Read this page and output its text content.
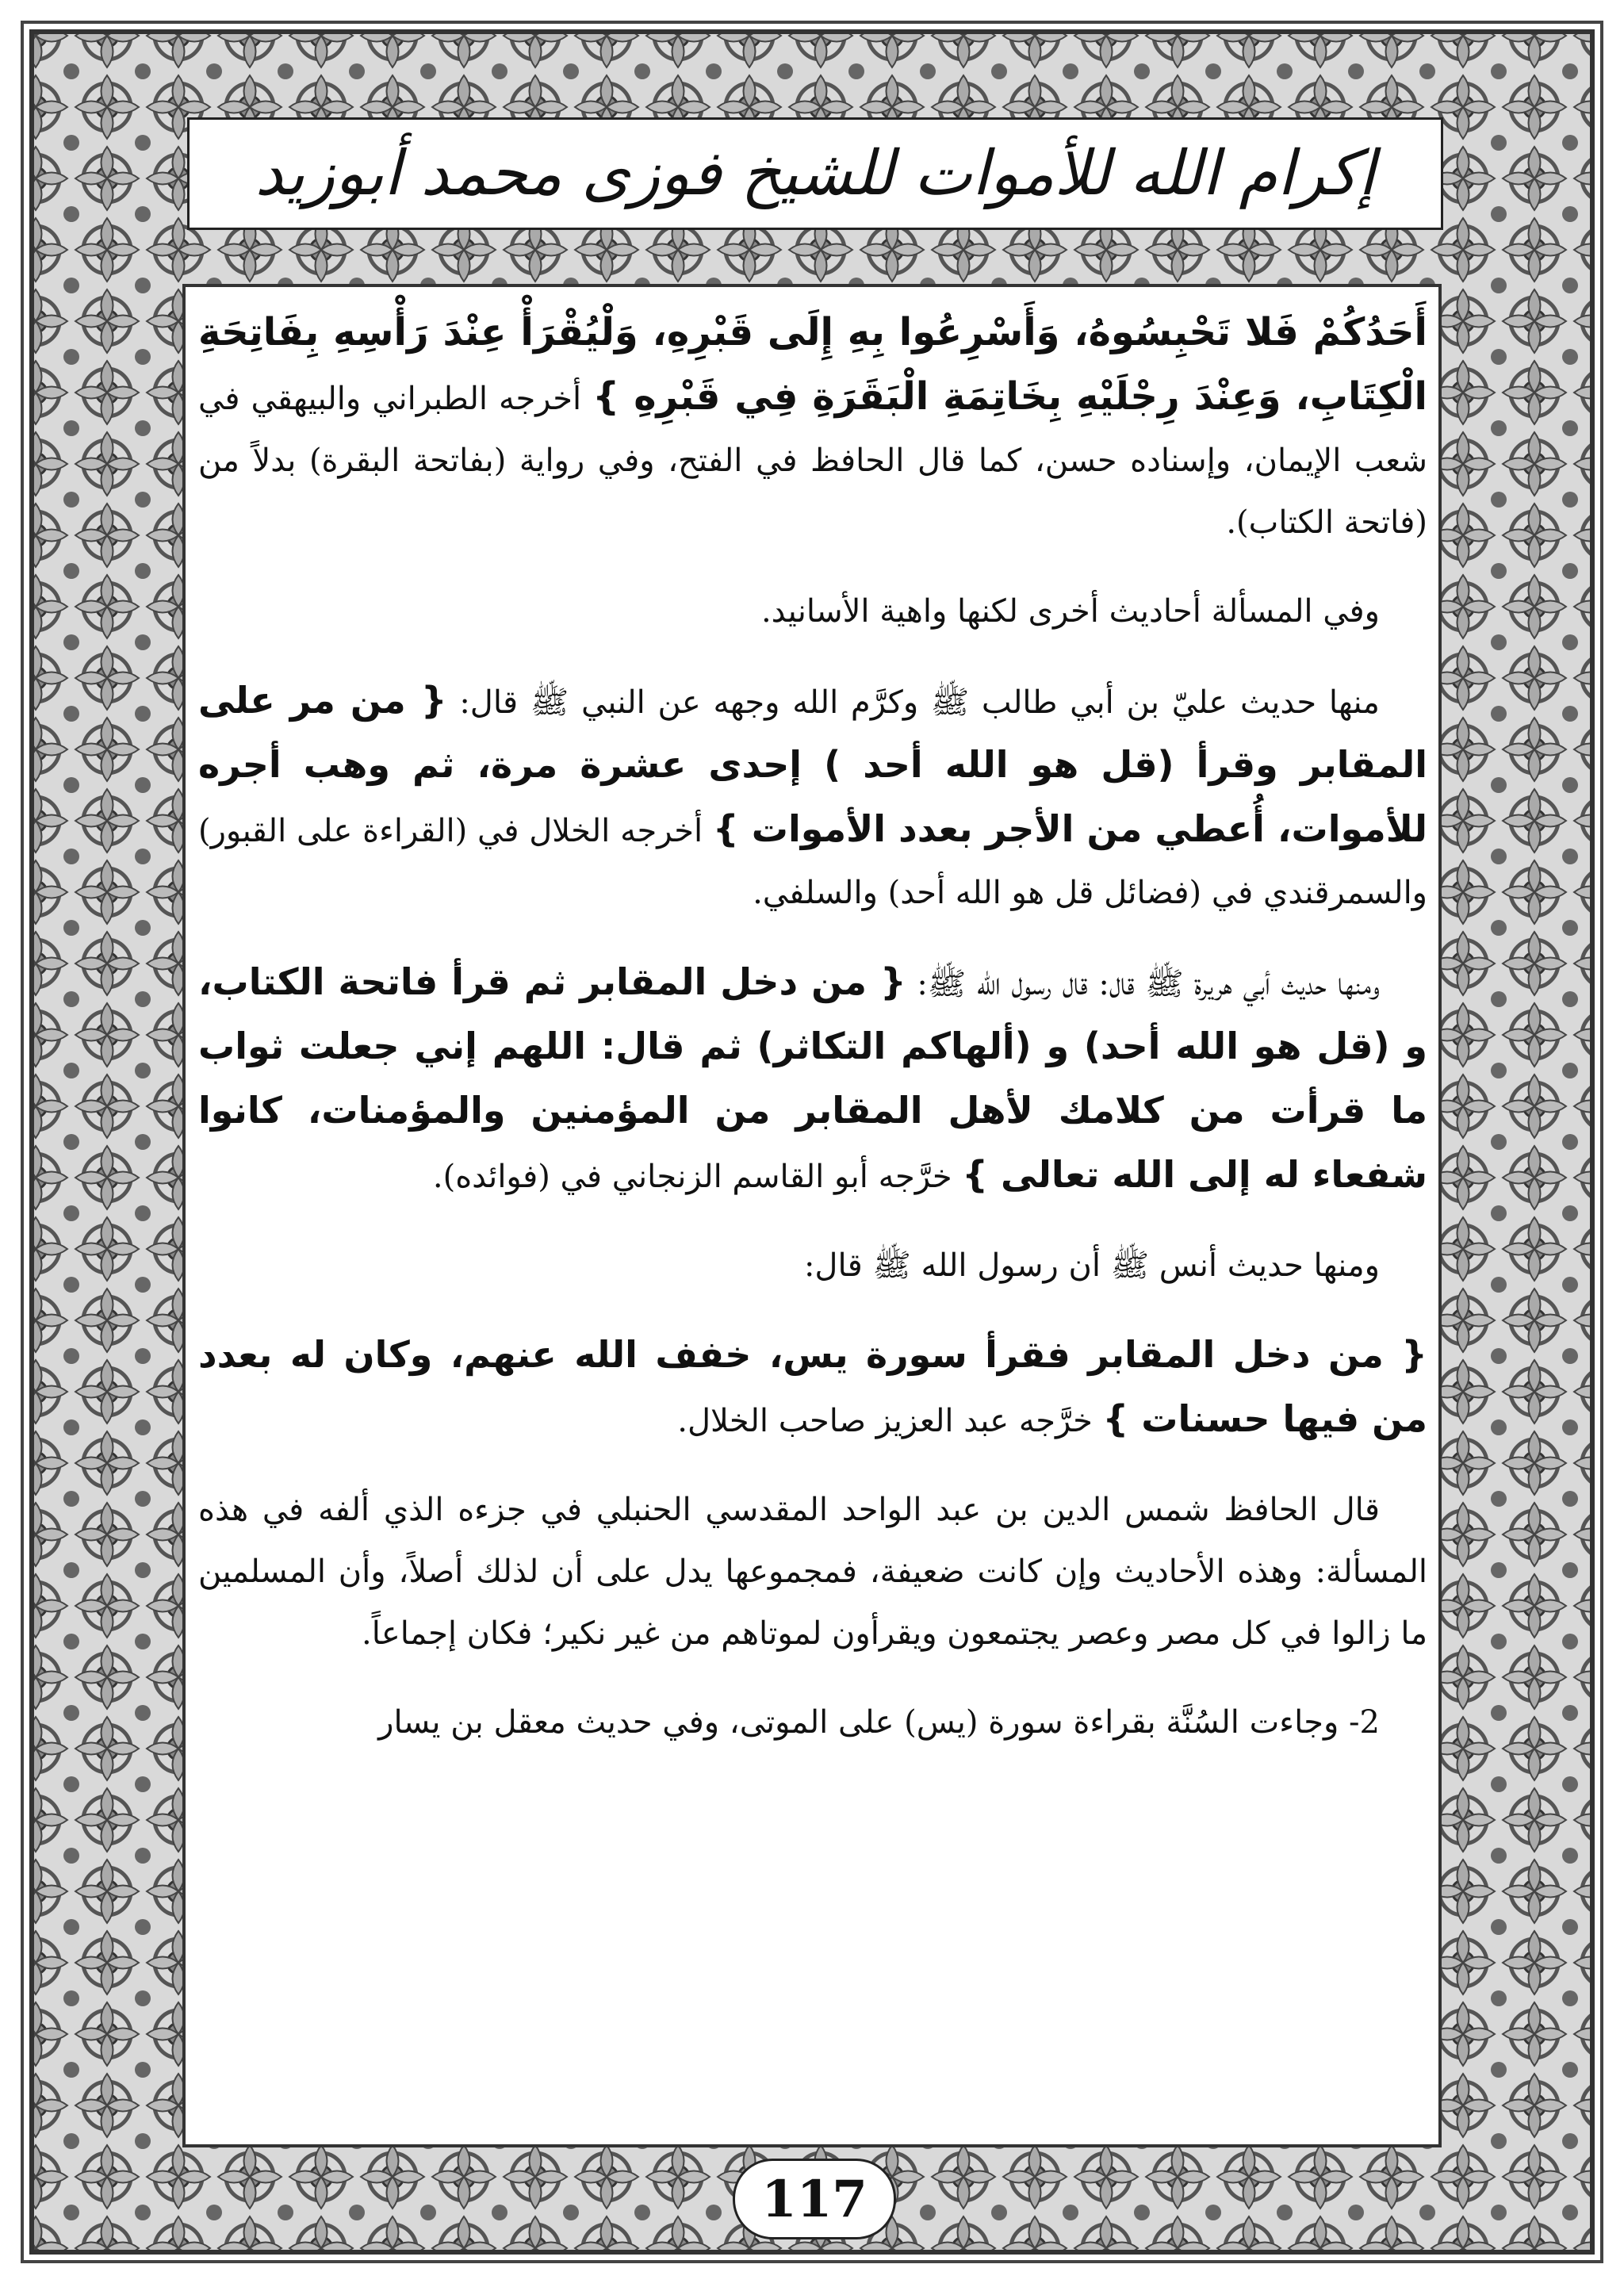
إكرام الله للأموات للشيخ فوزى محمد أبوزيد

أَحَدُكُمْ فَلا تَحْبِسُوهُ، وَأَسْرِعُوا بِهِ إِلَى قَبْرِهِ، وَلْيُقْرَأْ عِنْدَ رَأْسِهِ بِفَاتِحَةِ الْكِتَابِ، وَعِنْدَ رِجْلَيْهِ بِخَاتِمَةِ الْبَقَرَةِ فِي قَبْرِهِ } أخرجه الطبراني والبيهقي في شعب الإيمان، وإسناده حسن، كما قال الحافظ في الفتح، وفي رواية (بفاتحة البقرة) بدلاً من (فاتحة الكتاب).

وفي المسألة أحاديث أخرى لكنها واهية الأسانيد.

منها حديث عليّ بن أبي طالب ﷺ وكرَّم الله وجهه عن النبي ﷺ قال: { من مر على المقابر وقرأ (قل هو الله أحد ) إحدى عشرة مرة، ثم وهب أجره للأموات، أُعطي من الأجر بعدد الأموات } أخرجه الخلال في (القراءة على القبور) والسمرقندي في (فضائل قل هو الله أحد) والسلفي.

ومنها حديث أبي هريرة ﷺ قال: قال رسول الله ﷺ: { من دخل المقابر ثم قرأ فاتحة الكتاب، و (قل هو الله أحد) و (ألهاكم التكاثر) ثم قال: اللهم إني جعلت ثواب ما قرأت من كلامك لأهل المقابر من المؤمنين والمؤمنات، كانوا شفعاء له إلى الله تعالى } خرَّجه أبو القاسم الزنجاني في (فوائده).

ومنها حديث أنس ﷺ أن رسول الله ﷺ قال:

{ من دخل المقابر فقرأ سورة يس، خفف الله عنهم، وكان له بعدد من فيها حسنات } خرَّجه عبد العزيز صاحب الخلال.

قال الحافظ شمس الدين بن عبد الواحد المقدسي الحنبلي في جزءه الذي ألفه في هذه المسألة: وهذه الأحاديث وإن كانت ضعيفة، فمجموعها يدل على أن لذلك أصلاً، وأن المسلمين ما زالوا في كل مصر وعصر يجتمعون ويقرأون لموتاهم من غير نكير؛ فكان إجماعاً.

2- وجاءت السُنَّة بقراءة سورة (يس) على الموتى، وفي حديث معقل بن يسار

117
